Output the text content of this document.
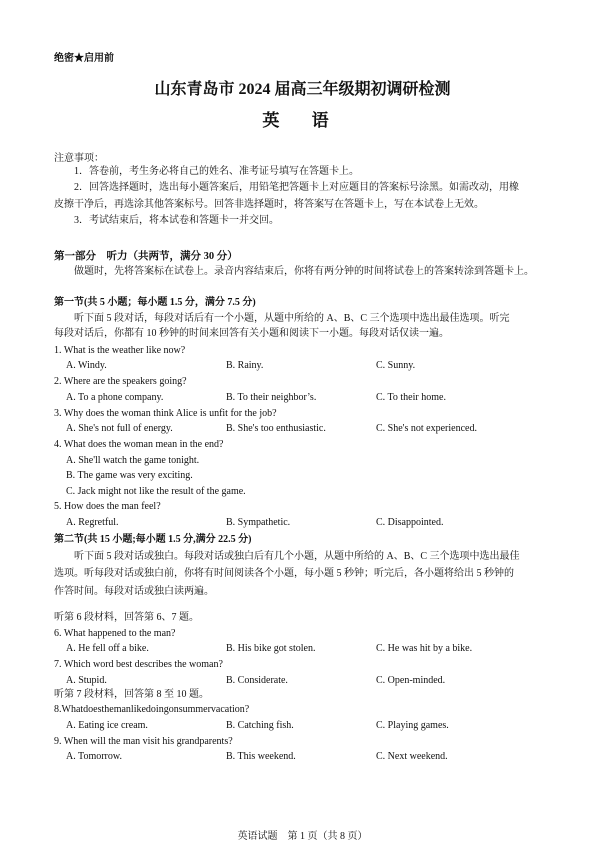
绝密★启用前
山东青岛市 2024 届高三年级期初调研检测
英 语
注意事项：
1．答卷前，考生务必将自己的姓名、准考证号填写在答题卡上。
2．回答选择题时，选出每小题答案后，用铅笔把答题卡上对应题目的答案标号涂黑。如需改动，用橡
皮擦干净后，再选涂其他答案标号。回答非选择题时，将答案写在答题卡上，写在本试卷上无效。
3．考试结束后，将本试卷和答题卡一并交回。
第一部分　听力（共两节，满分 30 分）
做题时，先将答案标在试卷上。录音内容结束后，你将有两分钟的时间将试卷上的答案转涂到答题卡上。
第一节(共 5 小题；每小题 1.5 分，满分 7.5 分)
听下面 5 段对话，每段对话后有一个小题，从题中所给的 A、B、C 三个选项中选出最佳选项。听完
每段对话后，你都有 10 秒钟的时间来回答有关小题和阅读下一小题。每段对话仅读一遍。
1. What is the weather like now?
A. Windy.	B. Rainy.	C. Sunny.
2. Where are the speakers going?
A. To a phone company.	B. To their neighbor’s.	C. To their home.
3. Why does the woman think Alice is unfit for the job?
A. She's not full of energy.	B. She's too enthusiastic.	C. She's not experienced.
4. What does the woman mean in the end?
A. She'll watch the game tonight.
B. The game was very exciting.
C. Jack might not like the result of the game.
5. How does the man feel?
A. Regretful.	B. Sympathetic.	C. Disappointed.
第二节(共 15 小题;每小题 1.5 分,满分 22.5 分)
听下面 5 段对话或独白。每段对话或独白后有几个小题，从题中所给的 A、B、C 三个选项中选出最佳
选项。听每段对话或独白前，你将有时间阅读各个小题，每小题 5 秒钟；听完后，各小题将给出 5 秒钟的
作答时间。每段对话或独白读两遍。
听第 6 段材料，回答第 6、7 题。
6. What happened to the man?
A. He fell off a bike.	B. His bike got stolen.	C. He was hit by a bike.
7. Which word best describes the woman?
A. Stupid.	B. Considerate.	C. Open-minded.
听第 7 段材料，回答第 8 至 10 题。
8.Whatdoesthemanlikedoingonsummervacation?
A. Eating ice cream.	B. Catching fish.	C. Playing games.
9. When will the man visit his grandparents?
A. Tomorrow.	B. This weekend.	C. Next weekend.
英语试题　第 1 页（共 8 页）
